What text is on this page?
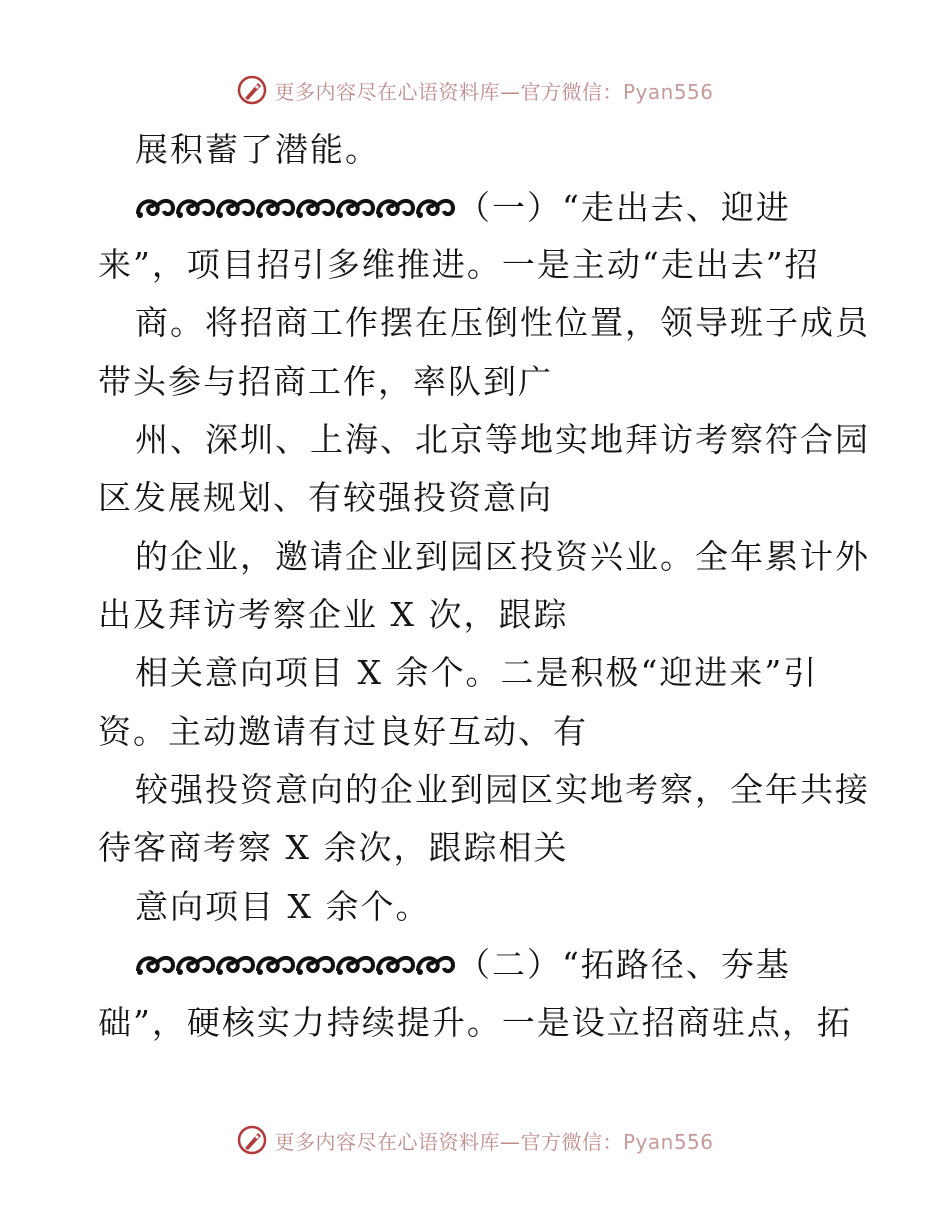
更多内容尽在心语资料库—官方微信：Pyan556
展积蓄了潜能。
（一）“走出去、迎进
来”，项目招引多维推进。一是主动“走出去”招
商。将招商工作摆在压倒性位置，领导班子成员
带头参与招商工作，率队到广
州、深圳、上海、北京等地实地拜访考察符合园
区发展规划、有较强投资意向
的企业，邀请企业到园区投资兴业。全年累计外
出及拜访考察企业 X 次，跟踪
相关意向项目 X 余个。二是积极“迎进来”引
资。主动邀请有过良好互动、有
较强投资意向的企业到园区实地考察，全年共接
待客商考察 X 余次，跟踪相关
意向项目 X 余个。
（二）“拓路径、夯基
础”，硬核实力持续提升。一是设立招商驻点，拓
更多内容尽在心语资料库—官方微信：Pyan556
